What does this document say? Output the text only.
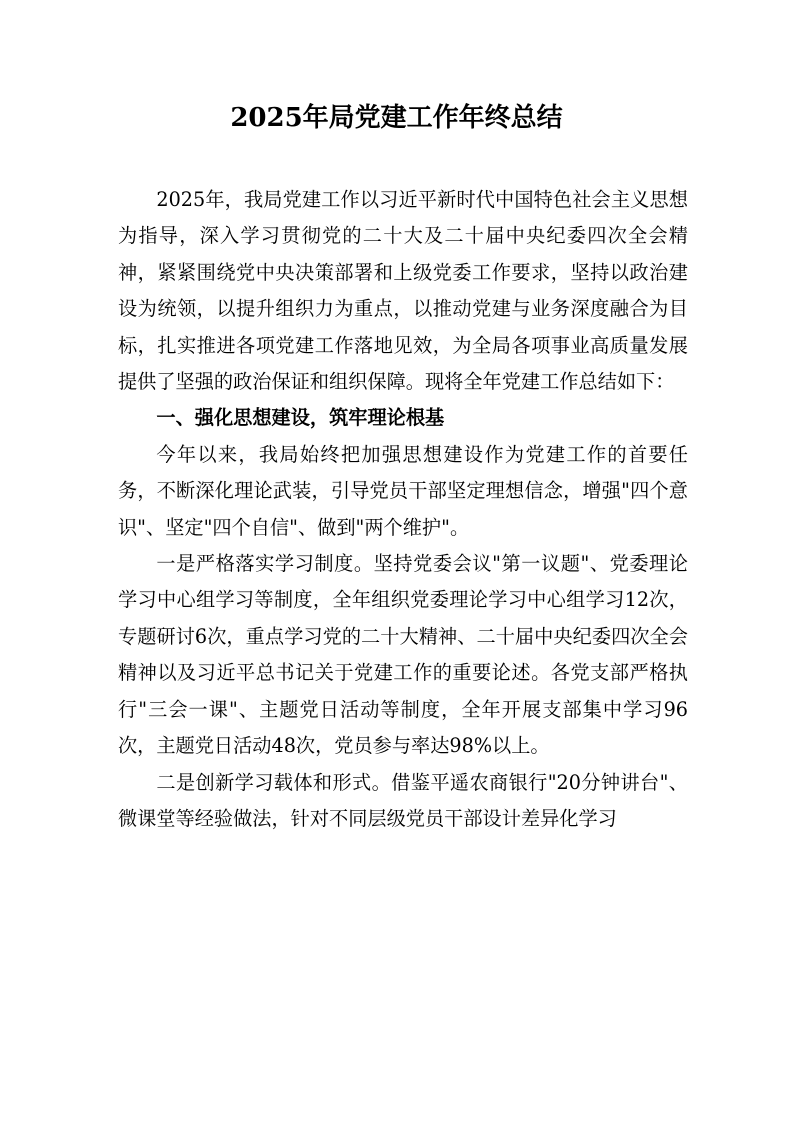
2025年局党建工作年终总结

2025年，我局党建工作以习近平新时代中国特色社会主义思想为指导，深入学习贯彻党的二十大及二十届中央纪委四次全会精神，紧紧围绕党中央决策部署和上级党委工作要求，坚持以政治建设为统领，以提升组织力为重点，以推动党建与业务深度融合为目标，扎实推进各项党建工作落地见效，为全局各项事业高质量发展提供了坚强的政治保证和组织保障。现将全年党建工作总结如下：

一、强化思想建设，筑牢理论根基

今年以来，我局始终把加强思想建设作为党建工作的首要任务，不断深化理论武装，引导党员干部坚定理想信念，增强"四个意识"、坚定"四个自信"、做到"两个维护"。

一是严格落实学习制度。坚持党委会议"第一议题"、党委理论学习中心组学习等制度，全年组织党委理论学习中心组学习12次，专题研讨6次，重点学习党的二十大精神、二十届中央纪委四次全会精神以及习近平总书记关于党建工作的重要论述。各党支部严格执行"三会一课"、主题党日活动等制度，全年开展支部集中学习96次，主题党日活动48次，党员参与率达98%以上。

二是创新学习载体和形式。借鉴平遥农商银行"20分钟讲台"、微课堂等经验做法，针对不同层级党员干部设计差异化学习
